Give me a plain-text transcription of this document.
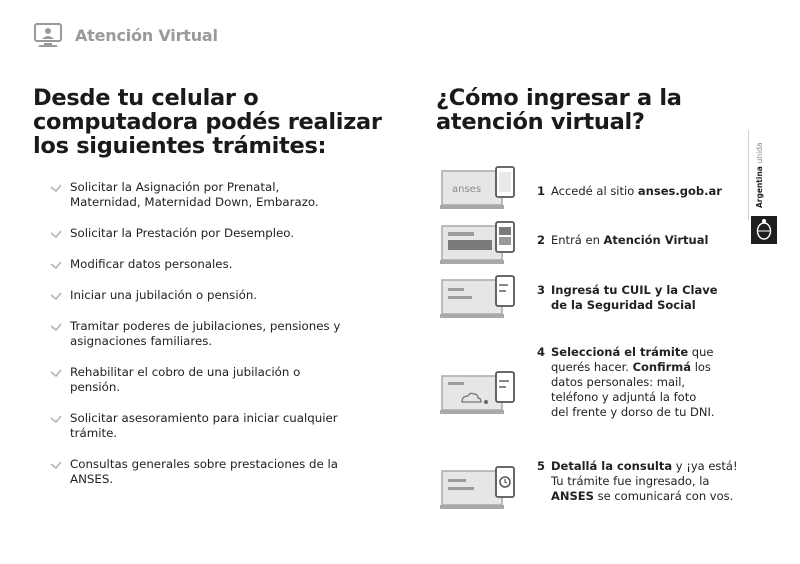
Atención Virtual
Desde tu celular o
computadora podés realizar
los siguientes trámites:
Solicitar la Asignación por Prenatal,
Maternidad, Maternidad Down, Embarazo.
Solicitar la Prestación por Desempleo.
Modificar datos personales.
Iniciar una jubilación o pensión.
Tramitar poderes de jubilaciones, pensiones y
asignaciones familiares.
Rehabilitar el cobro de una jubilación o
pensión.
Solicitar asesoramiento para iniciar cualquier
trámite.
Consultas generales sobre prestaciones de la
ANSES.
¿Cómo ingresar a la
atención virtual?
anses	1 Accedé al sitio anses.gob.ar
2 Entrá en Atención Virtual
3 Ingresá tu CUIL y la Clave
de la Seguridad Social
4 Seleccioná el trámite que
querés hacer. Confirmá los
datos personales: mail,
teléfono y adjuntá la foto
del frente y dorso de tu DNI.
5 Detallá la consulta y ¡ya está!
Tu trámite fue ingresado, la
ANSES se comunicará con vos.
Argentina unida
